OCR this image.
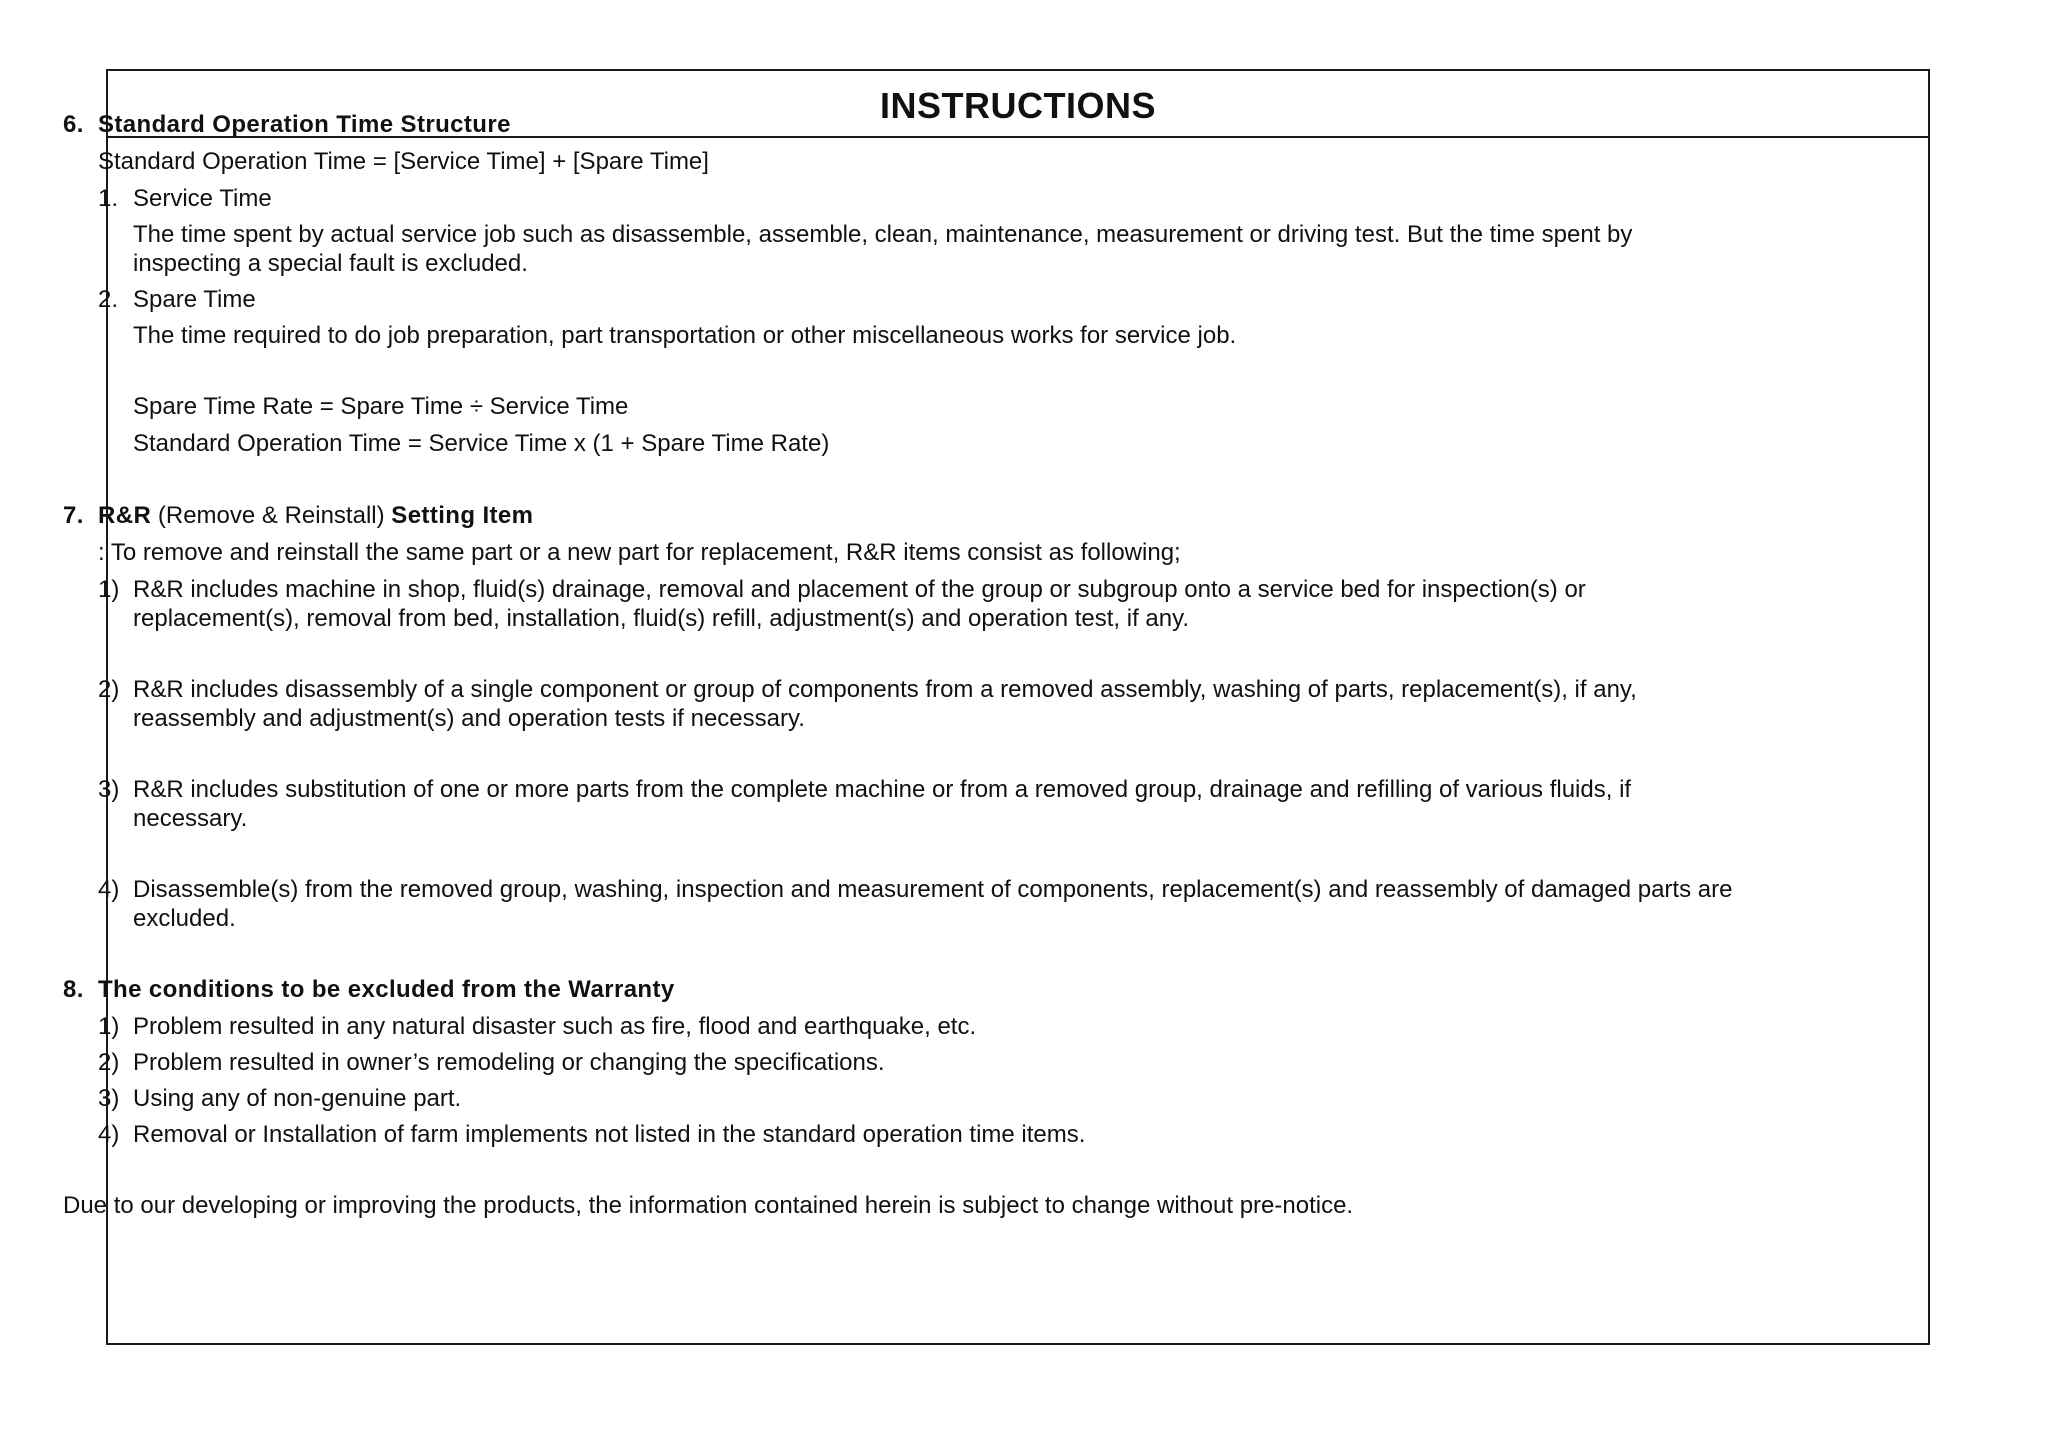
INSTRUCTIONS
6. Standard Operation Time Structure
Standard Operation Time = [Service Time] + [Spare Time]
1. Service Time
The time spent by actual service job such as disassemble, assemble, clean, maintenance, measurement or driving test. But the time spent by inspecting a special fault is excluded.
2. Spare Time
The time required to do job preparation, part transportation or other miscellaneous works for service job.
Spare Time Rate = Spare Time ÷ Service Time
Standard Operation Time = Service Time x (1 + Spare Time Rate)
7. R&R (Remove & Reinstall) Setting Item
: To remove and reinstall the same part or a new part for replacement, R&R items consist as following;
1) R&R includes machine in shop, fluid(s) drainage, removal and placement of the group or subgroup onto a service bed for inspection(s) or replacement(s), removal from bed, installation, fluid(s) refill, adjustment(s) and operation test, if any.
2) R&R includes disassembly of a single component or group of components from a removed assembly, washing of parts, replacement(s), if any, reassembly and adjustment(s) and operation tests if necessary.
3) R&R includes substitution of one or more parts from the complete machine or from a removed group, drainage and refilling of various fluids, if necessary.
4) Disassemble(s) from the removed group, washing, inspection and measurement of components, replacement(s) and reassembly of damaged parts are excluded.
8. The conditions to be excluded from the Warranty
1) Problem resulted in any natural disaster such as fire, flood and earthquake, etc.
2) Problem resulted in owner’s remodeling or changing the specifications.
3) Using any of non-genuine part.
4) Removal or Installation of farm implements not listed in the standard operation time items.
Due to our developing or improving the products, the information contained herein is subject to change without pre-notice.
